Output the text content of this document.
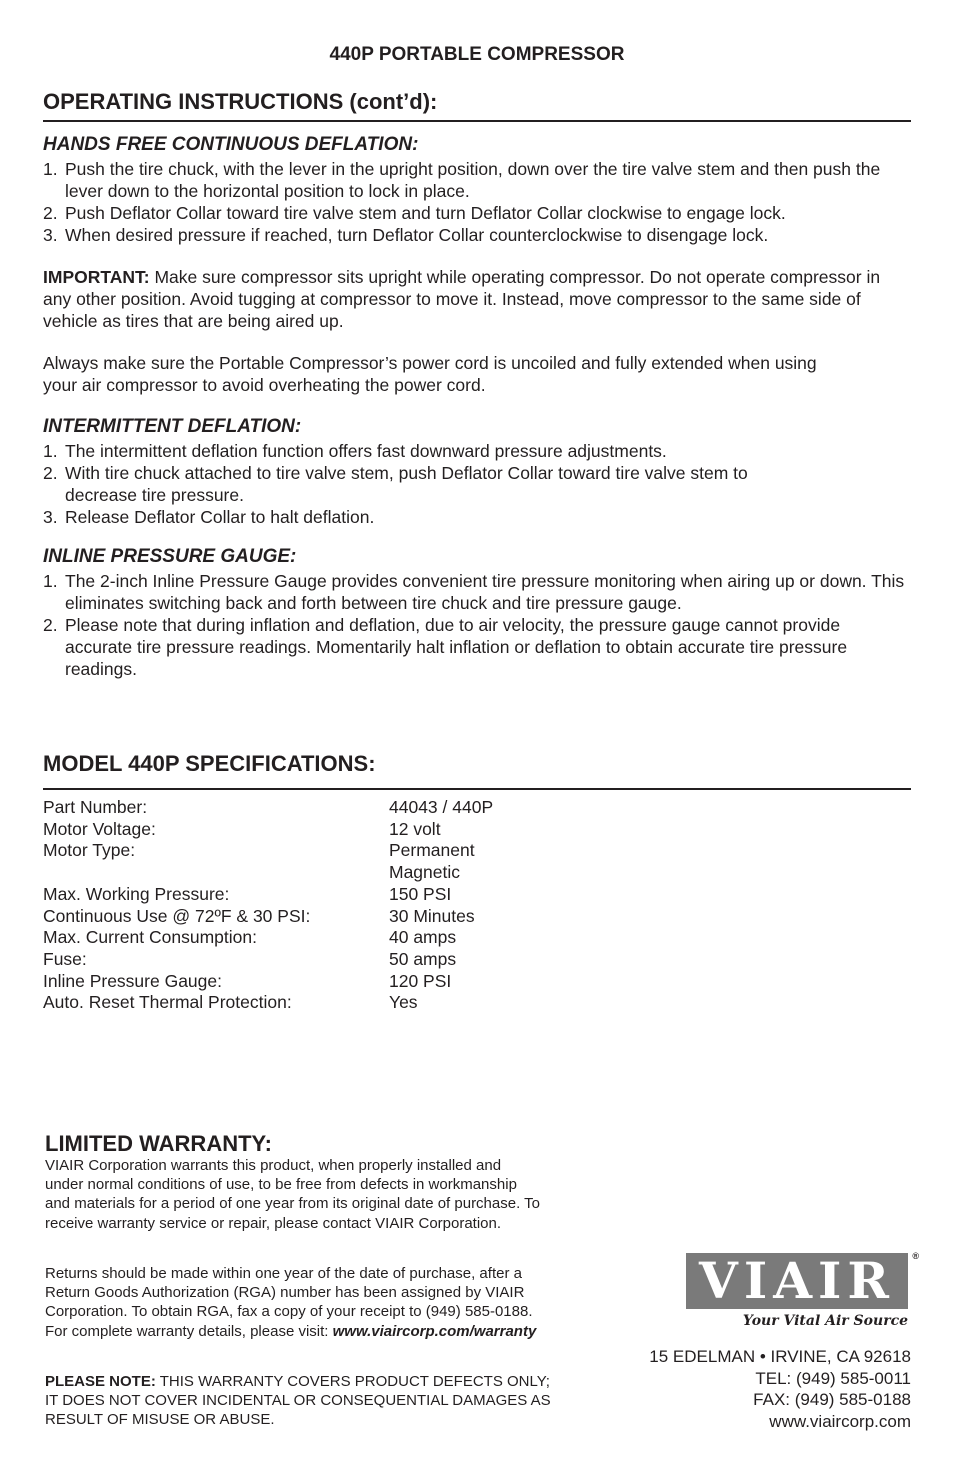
440P PORTABLE COMPRESSOR
OPERATING INSTRUCTIONS (cont’d):
HANDS FREE CONTINUOUS DEFLATION:
1. Push the tire chuck, with the lever in the upright position, down over the tire valve stem and then push the lever down to the horizontal position to lock in place.
2. Push Deflator Collar toward tire valve stem and turn Deflator Collar clockwise to engage lock.
3. When desired pressure if reached, turn Deflator Collar counterclockwise to disengage lock.
IMPORTANT: Make sure compressor sits upright while operating compressor. Do not operate compressor in any other position. Avoid tugging at compressor to move it. Instead, move compressor to the same side of vehicle as tires that are being aired up.
Always make sure the Portable Compressor’s power cord is uncoiled and fully extended when using your air compressor to avoid overheating the power cord.
INTERMITTENT DEFLATION:
1. The intermittent deflation function offers fast downward pressure adjustments.
2. With tire chuck attached to tire valve stem, push Deflator Collar toward tire valve stem to decrease tire pressure.
3. Release Deflator Collar to halt deflation.
INLINE PRESSURE GAUGE:
1. The 2-inch Inline Pressure Gauge provides convenient tire pressure monitoring when airing up or down. This eliminates switching back and forth between tire chuck and tire pressure gauge.
2. Please note that during inflation and deflation, due to air velocity, the pressure gauge cannot provide accurate tire pressure readings. Momentarily halt inflation or deflation to obtain accurate tire pressure readings.
MODEL 440P SPECIFICATIONS:
Part Number:	44043 / 440P
Motor Voltage:	12 volt
Motor Type:	Permanent Magnetic
Max. Working Pressure:	150 PSI
Continuous Use @ 72ºF & 30 PSI:	30 Minutes
Max. Current Consumption:	40 amps
Fuse:	50 amps
Inline Pressure Gauge:	120 PSI
Auto. Reset Thermal Protection:	Yes
LIMITED WARRANTY:
VIAIR Corporation warrants this product, when properly installed and under normal conditions of use, to be free from defects in workmanship and materials for a period of one year from its original date of purchase. To receive warranty service or repair, please contact VIAIR Corporation.
Returns should be made within one year of the date of purchase, after a Return Goods Authorization (RGA) number has been assigned by VIAIR Corporation. To obtain RGA, fax a copy of your receipt to (949) 585-0188. For complete warranty details, please visit: www.viaircorp.com/warranty
PLEASE NOTE: THIS WARRANTY COVERS PRODUCT DEFECTS ONLY; IT DOES NOT COVER INCIDENTAL OR CONSEQUENTIAL DAMAGES AS RESULT OF MISUSE OR ABUSE.
VIAIR ®
Your Vital Air Source
15 EDELMAN • IRVINE, CA 92618
TEL: (949) 585-0011
FAX: (949) 585-0188
www.viaircorp.com
